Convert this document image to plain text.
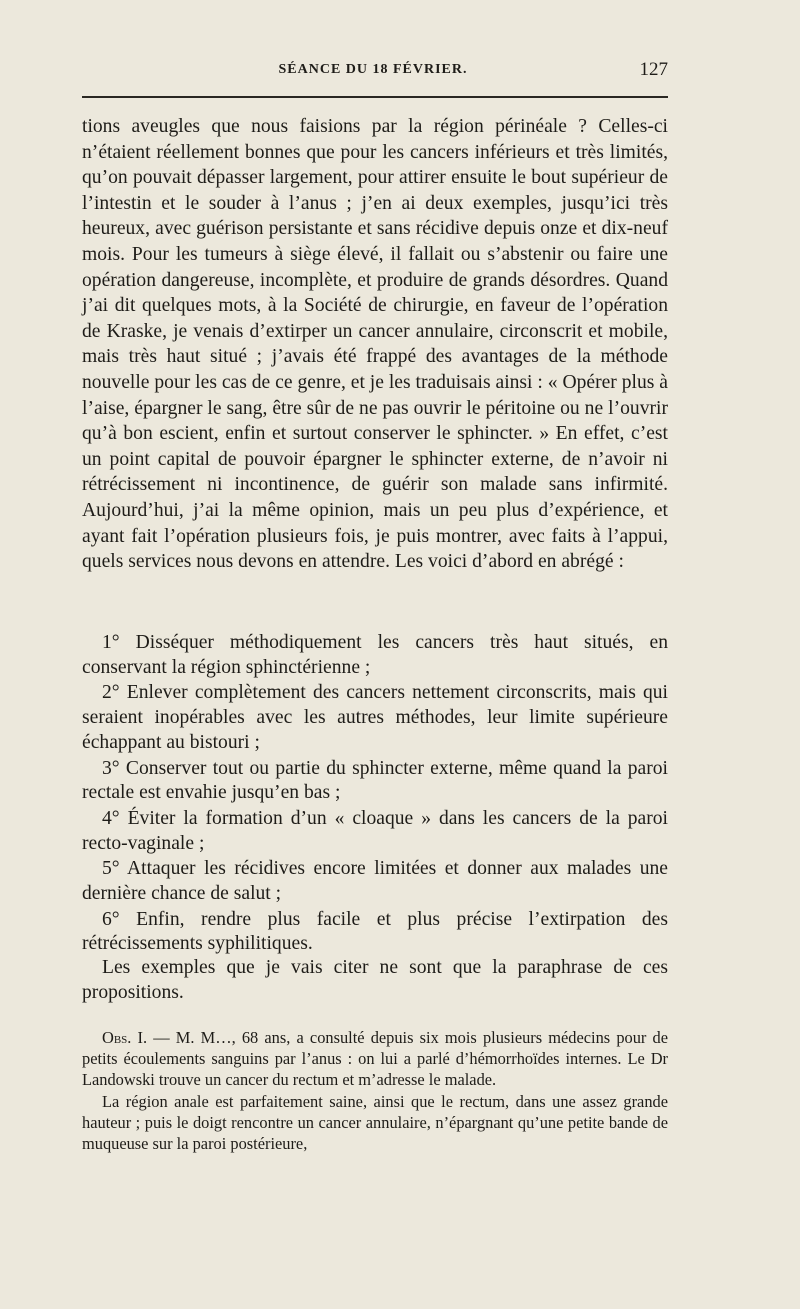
SÉANCE DU 18 FÉVRIER.	127

tions aveugles que nous faisions par la région périnéale ? Celles-ci n’étaient réellement bonnes que pour les cancers inférieurs et très limités, qu’on pouvait dépasser largement, pour attirer ensuite le bout supérieur de l’intestin et le souder à l’anus ; j’en ai deux exemples, jusqu’ici très heureux, avec guérison persistante et sans récidive depuis onze et dix-neuf mois. Pour les tumeurs à siège élevé, il fallait ou s’abstenir ou faire une opération dangereuse, incomplète, et produire de grands désordres. Quand j’ai dit quelques mots, à la Société de chirurgie, en faveur de l’opération de Kraske, je venais d’extirper un cancer annulaire, circonscrit et mobile, mais très haut situé ; j’avais été frappé des avantages de la méthode nouvelle pour les cas de ce genre, et je les traduisais ainsi : « Opérer plus à l’aise, épargner le sang, être sûr de ne pas ouvrir le péritoine ou ne l’ouvrir qu’à bon escient, enfin et surtout conserver le sphincter. » En effet, c’est un point capital de pouvoir épargner le sphincter externe, de n’avoir ni rétrécissement ni incontinence, de guérir son malade sans infirmité. Aujourd’hui, j’ai la même opinion, mais un peu plus d’expérience, et ayant fait l’opération plusieurs fois, je puis montrer, avec faits à l’appui, quels services nous devons en attendre. Les voici d’abord en abrégé :

1° Disséquer méthodiquement les cancers très haut situés, en conservant la région sphinctérienne ;

2° Enlever complètement des cancers nettement circonscrits, mais qui seraient inopérables avec les autres méthodes, leur limite supérieure échappant au bistouri ;

3° Conserver tout ou partie du sphincter externe, même quand la paroi rectale est envahie jusqu’en bas ;

4° Éviter la formation d’un « cloaque » dans les cancers de la paroi recto-vaginale ;

5° Attaquer les récidives encore limitées et donner aux malades une dernière chance de salut ;

6° Enfin, rendre plus facile et plus précise l’extirpation des rétrécissements syphilitiques.

Les exemples que je vais citer ne sont que la paraphrase de ces propositions.

Obs. I. — M. M…, 68 ans, a consulté depuis six mois plusieurs médecins pour de petits écoulements sanguins par l’anus : on lui a parlé d’hémorrhoïdes internes. Le Dr Landowski trouve un cancer du rectum et m’adresse le malade.

La région anale est parfaitement saine, ainsi que le rectum, dans une assez grande hauteur ; puis le doigt rencontre un cancer annulaire, n’épargnant qu’une petite bande de muqueuse sur la paroi postérieure,
